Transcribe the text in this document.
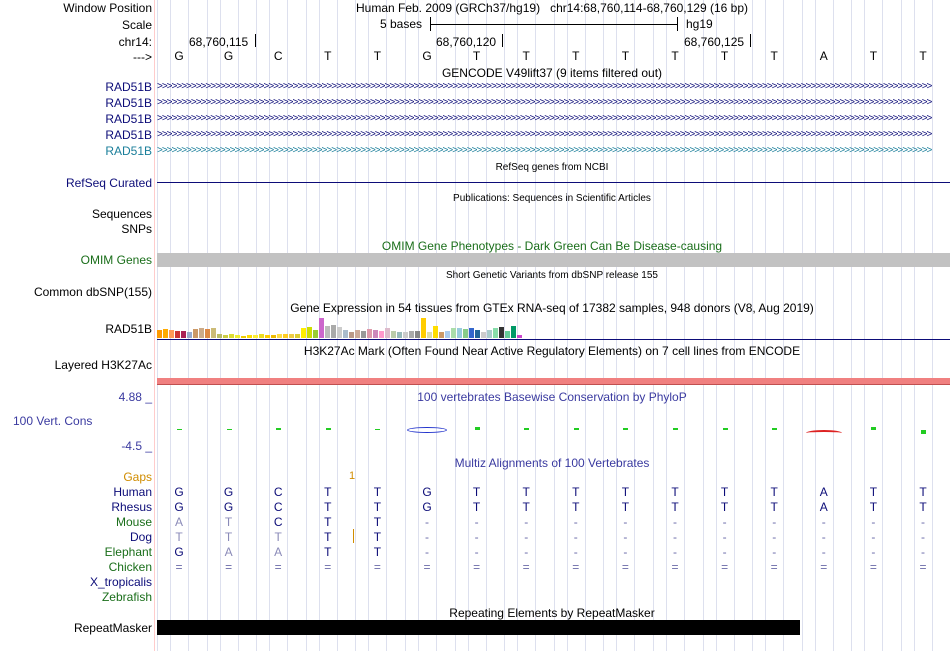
Window Position
Scale
chr14:
--->
Human Feb. 2009 (GRCh37/hg19)   chr14:68,760,114-68,760,129 (16 bp)
5 bases	hg19
68,760,115	68,760,120	68,760,125
G	G	C	T	T	G	T	T	T	T	T	T	T	A	T	T
GENCODE V49lift37 (9 items filtered out)
RAD51B >>>>>>>>>>>>>>>>>>>>>>>>>>>>>>>>>>>>>>>>>>>>>>>>>>>>>>>>>>>>>>>>>>>>>>>>>>>>>>>>>>>>>>>>>>>>>>>>>>>>>>>>>>>>>>>>>>>>>>>>>>>>>>>>>>>>>>>>>>>>>>>>>>>>>>>>>>>>>>>>
RAD51B >>>>>>>>>>>>>>>>>>>>>>>>>>>>>>>>>>>>>>>>>>>>>>>>>>>>>>>>>>>>>>>>>>>>>>>>>>>>>>>>>>>>>>>>>>>>>>>>>>>>>>>>>>>>>>>>>>>>>>>>>>>>>>>>>>>>>>>>>>>>>>>>>>>>>>>>>>>>>>>>
RAD51B >>>>>>>>>>>>>>>>>>>>>>>>>>>>>>>>>>>>>>>>>>>>>>>>>>>>>>>>>>>>>>>>>>>>>>>>>>>>>>>>>>>>>>>>>>>>>>>>>>>>>>>>>>>>>>>>>>>>>>>>>>>>>>>>>>>>>>>>>>>>>>>>>>>>>>>>>>>>>>>>
RAD51B >>>>>>>>>>>>>>>>>>>>>>>>>>>>>>>>>>>>>>>>>>>>>>>>>>>>>>>>>>>>>>>>>>>>>>>>>>>>>>>>>>>>>>>>>>>>>>>>>>>>>>>>>>>>>>>>>>>>>>>>>>>>>>>>>>>>>>>>>>>>>>>>>>>>>>>>>>>>>>>>
RAD51B >>>>>>>>>>>>>>>>>>>>>>>>>>>>>>>>>>>>>>>>>>>>>>>>>>>>>>>>>>>>>>>>>>>>>>>>>>>>>>>>>>>>>>>>>>>>>>>>>>>>>>>>>>>>>>>>>>>>>>>>>>>>>>>>>>>>>>>>>>>>>>>>>>>>>>>>>>>>>>>>
RefSeq genes from NCBI
RefSeq Curated
Publications: Sequences in Scientific Articles
Sequences
SNPs
OMIM Gene Phenotypes - Dark Green Can Be Disease-causing
OMIM Genes
Short Genetic Variants from dbSNP release 155
Common dbSNP(155)
Gene Expression in 54 tissues from GTEx RNA-seq of 17382 samples, 948 donors (V8, Aug 2019)
RAD51B
H3K27Ac Mark (Often Found Near Active Regulatory Elements) on 7 cell lines from ENCODE
Layered H3K27Ac
4.88 _	100 vertebrates Basewise Conservation by PhyloP
100 Vert. Cons
-4.5 _
Multiz Alignments of 100 Vertebrates
Gaps	1
Human G	G	C	T	T	G	T	T	T	T	T	T	T	A	T	T
Rhesus G	G	C	T	T	G	T	T	T	T	T	T	T	A	T	T
Mouse A	T	C	T	T	-	-	-	-	-	-	-	-	-	-	-
Dog T	T	T	T	T	-	-	-	-	-	-	-	-	-	-	-
Elephant G	A	A	T	T	-	-	-	-	-	-	-	-	-	-	-
Chicken =	=	=	=	=	=	=	=	=	=	=	=	=	=	=	=
X_tropicalis
Zebrafish
Repeating Elements by RepeatMasker
RepeatMasker
